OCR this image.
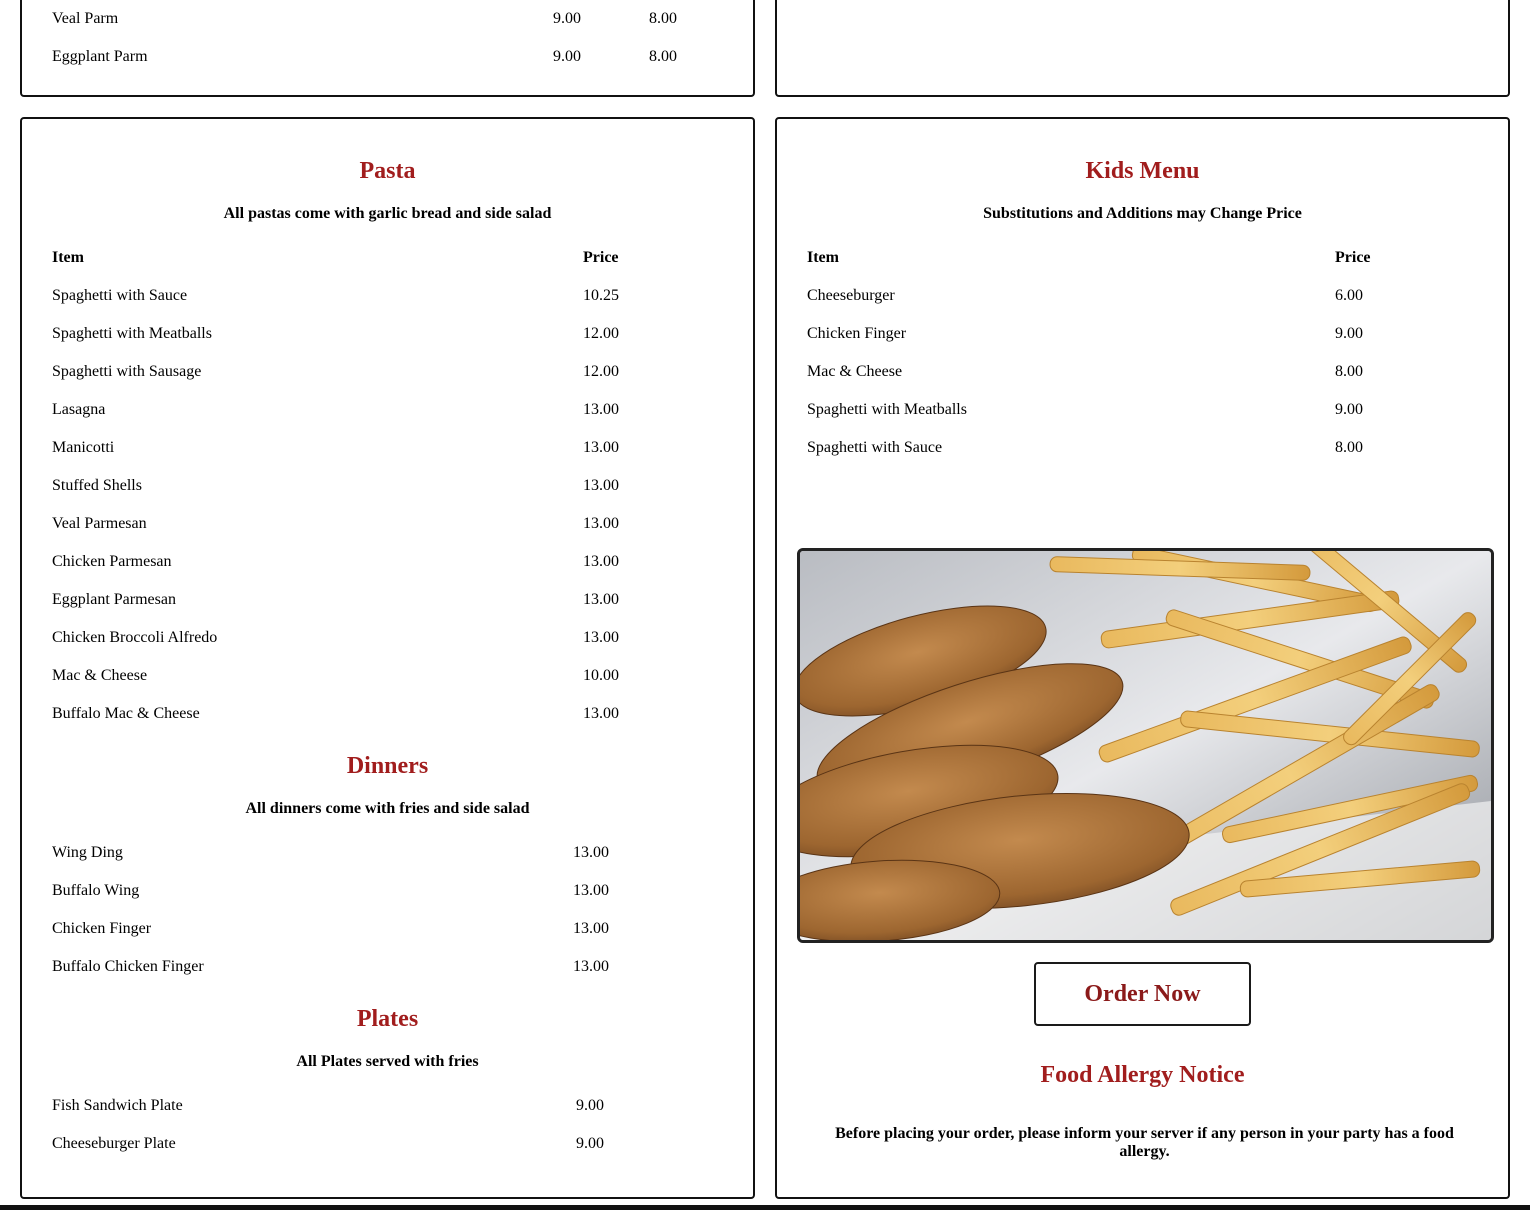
Veal Parm	9.00	8.00
Eggplant Parm	9.00	8.00
Pasta
All pastas come with garlic bread and side salad
Item	Price
Spaghetti with Sauce	10.25
Spaghetti with Meatballs	12.00
Spaghetti with Sausage	12.00
Lasagna	13.00
Manicotti	13.00
Stuffed Shells	13.00
Veal Parmesan	13.00
Chicken Parmesan	13.00
Eggplant Parmesan	13.00
Chicken Broccoli Alfredo	13.00
Mac & Cheese	10.00
Buffalo Mac & Cheese	13.00
Dinners
All dinners come with fries and side salad
Wing Ding	13.00
Buffalo Wing	13.00
Chicken Finger	13.00
Buffalo Chicken Finger	13.00
Plates
All Plates served with fries
Fish Sandwich Plate	9.00
Cheeseburger Plate	9.00
Kids Menu
Substitutions and Additions may Change Price
Item	Price
Cheeseburger	6.00
Chicken Finger	9.00
Mac & Cheese	8.00
Spaghetti with Meatballs	9.00
Spaghetti with Sauce	8.00
Order Now
Food Allergy Notice
Before placing your order, please inform your server if any person in your party has a food allergy.
